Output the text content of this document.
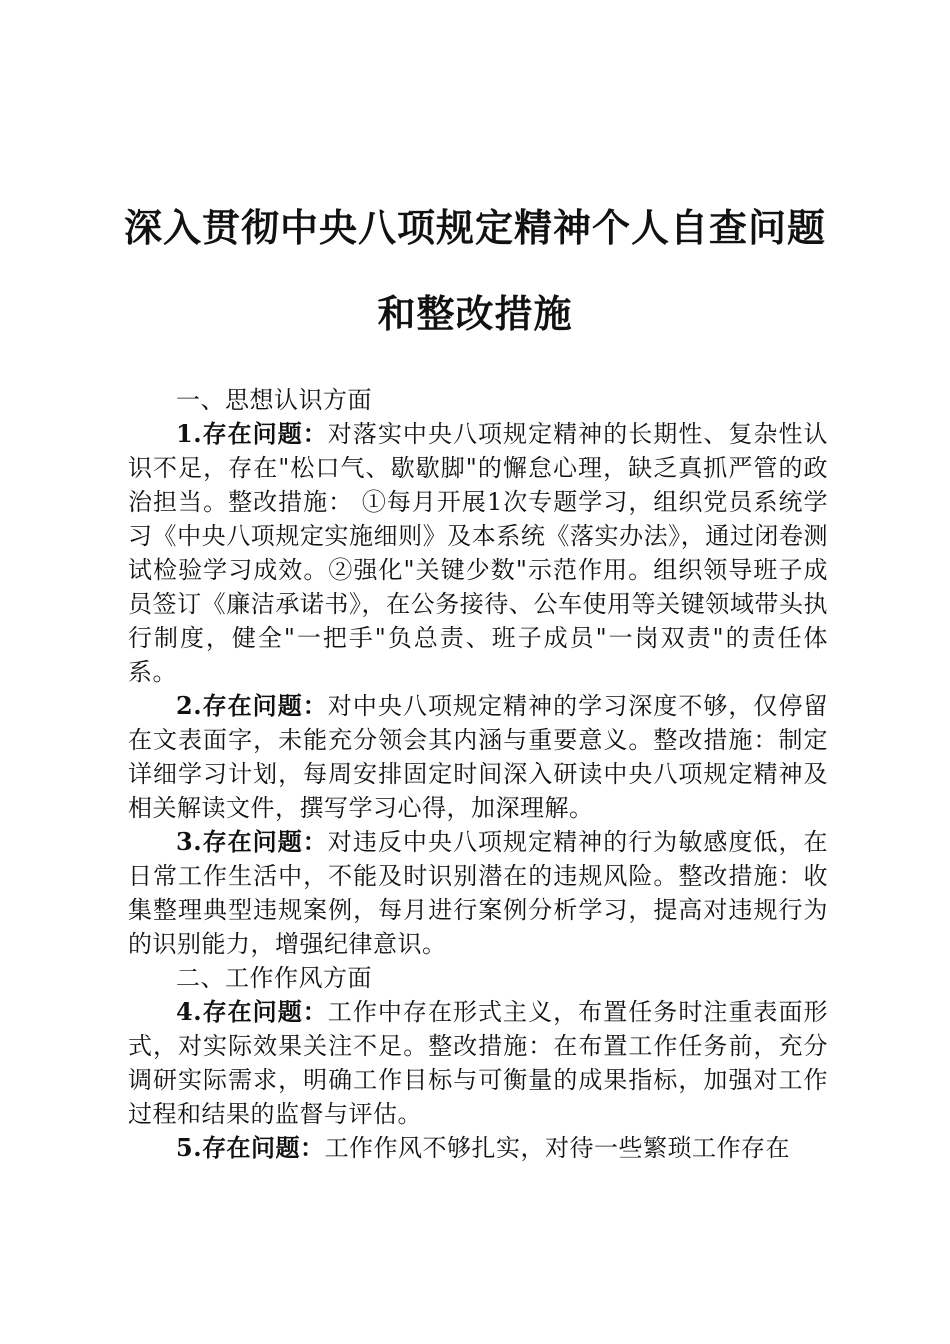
深入贯彻中央八项规定精神个人自查问题和整改措施

一、思想认识方面

1.存在问题：对落实中央八项规定精神的长期性、复杂性认识不足，存在"松口气、歇歇脚"的懈怠心理，缺乏真抓严管的政治担当。整改措施： ①每月开展1次专题学习，组织党员系统学习《中央八项规定实施细则》及本系统《落实办法》，通过闭卷测试检验学习成效。②强化"关键少数"示范作用。组织领导班子成员签订《廉洁承诺书》，在公务接待、公车使用等关键领域带头执行制度，健全"一把手"负总责、班子成员"一岗双责"的责任体系。

2.存在问题：对中央八项规定精神的学习深度不够，仅停留在文表面字，未能充分领会其内涵与重要意义。整改措施：制定详细学习计划，每周安排固定时间深入研读中央八项规定精神及相关解读文件，撰写学习心得，加深理解。

3.存在问题：对违反中央八项规定精神的行为敏感度低，在日常工作生活中，不能及时识别潜在的违规风险。整改措施：收集整理典型违规案例，每月进行案例分析学习，提高对违规行为的识别能力，增强纪律意识。

二、工作作风方面

4.存在问题：工作中存在形式主义，布置任务时注重表面形式，对实际效果关注不足。整改措施：在布置工作任务前，充分调研实际需求，明确工作目标与可衡量的成果指标，加强对工作过程和结果的监督与评估。

5.存在问题：工作作风不够扎实，对待一些繁琐工作存在
